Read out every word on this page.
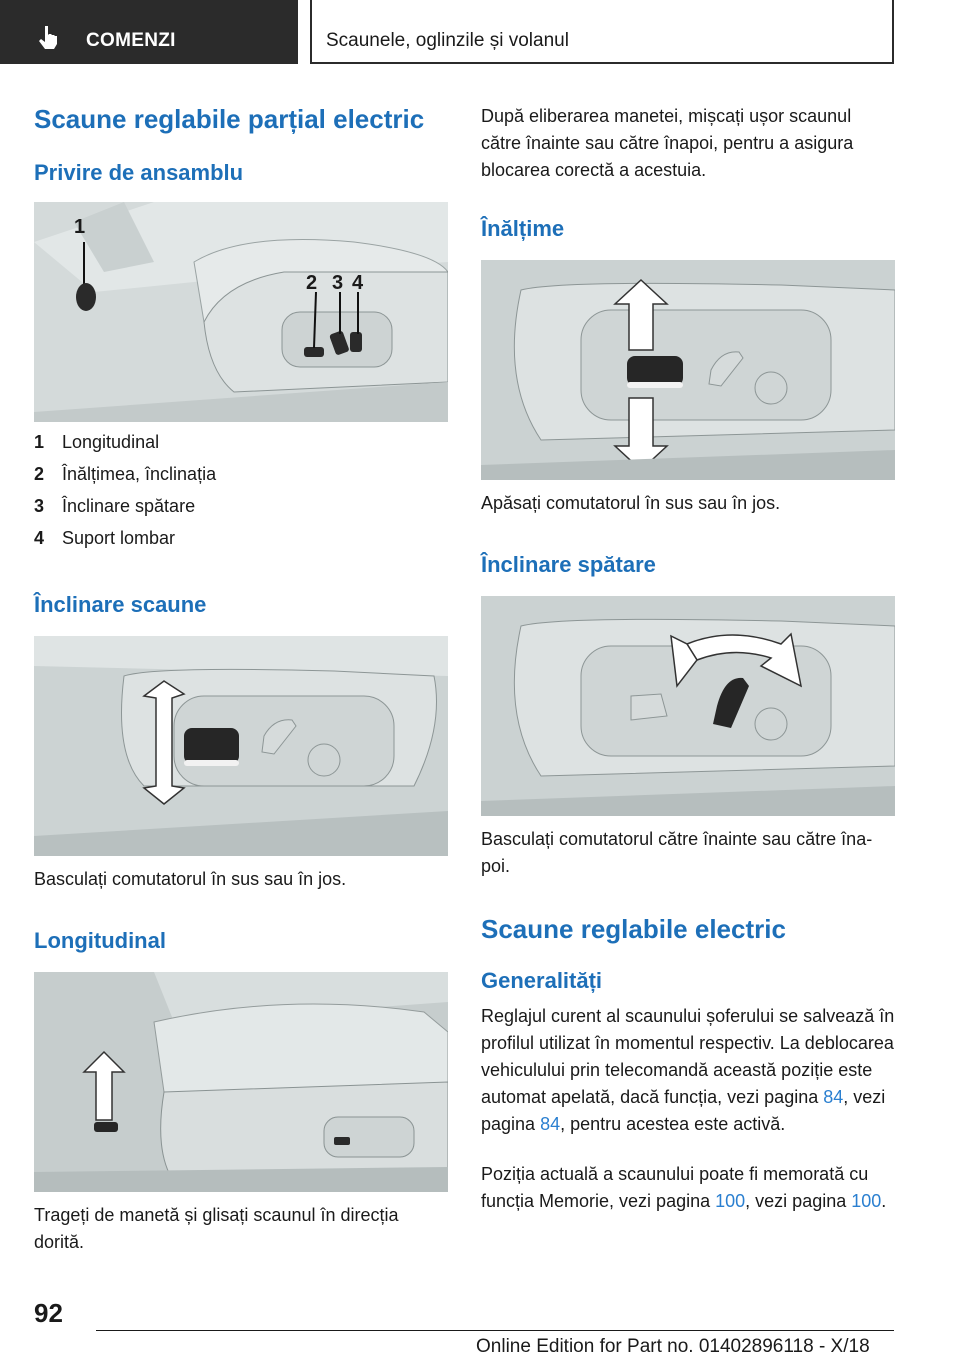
COMENZI	Scaunele, oglinzile și volanul
Scaune reglabile parțial electric
Privire de ansamblu
1
2 3 4
1 Longitudinal
2 Înălțimea, înclinația
3 Înclinare spătare
4 Suport lombar
Înclinare scaune

Basculați comutatorul în sus sau în jos.

Longitudinal

Trageți de manetă și glisați scaunul în direcția dorită.

După eliberarea manetei, mișcați ușor scaunul către înainte sau către înapoi, pentru a asigura blocarea corectă a acestuia.

Înălțime

Apăsați comutatorul în sus sau în jos.

Înclinare spătare

Basculați comutatorul către înainte sau către înapoi.

Scaune reglabile electric
Generalități

Reglajul curent al scaunului șoferului se salvează în profilul utilizat în momentul respectiv. La deblocarea vehiculului prin telecomandă această poziție este automat apelată, dacă funcția, vezi pagina 84, vezi pagina 84, pentru acestea este activă.

Poziția actuală a scaunului poate fi memorată cu funcția Memorie, vezi pagina 100, vezi pagina 100.

92
Online Edition for Part no. 01402896118 - X/18
